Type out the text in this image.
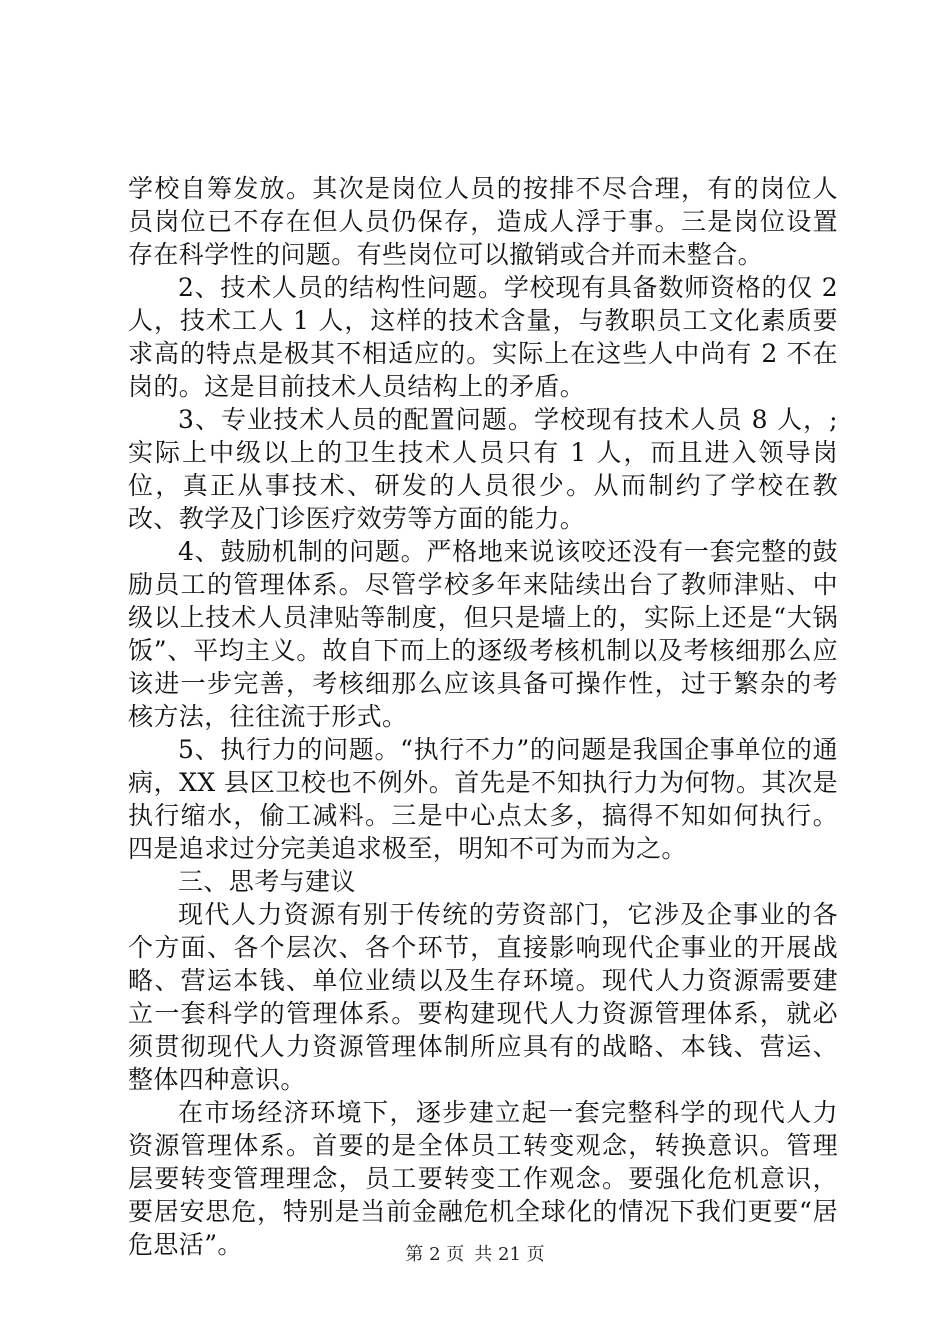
学校自筹发放。其次是岗位人员的按排不尽合理，有的岗位人员岗位已不存在但人员仍保存，造成人浮于事。三是岗位设置存在科学性的问题。有些岗位可以撤销或合并而未整合。

2、技术人员的结构性问题。学校现有具备数师资格的仅 2 人，技术工人 1 人，这样的技术含量，与教职员工文化素质要求高的特点是极其不相适应的。实际上在这些人中尚有 2 不在岗的。这是目前技术人员结构上的矛盾。

3、专业技术人员的配置问题。学校现有技术人员 8 人，;实际上中级以上的卫生技术人员只有 1 人，而且进入领导岗位，真正从事技术、研发的人员很少。从而制约了学校在教改、教学及门诊医疗效劳等方面的能力。

4、鼓励机制的问题。严格地来说该咬还没有一套完整的鼓励员工的管理体系。尽管学校多年来陆续出台了教师津贴、中级以上技术人员津贴等制度，但只是墙上的，实际上还是“大锅饭”、平均主义。故自下而上的逐级考核机制以及考核细那么应该进一步完善，考核细那么应该具备可操作性，过于繁杂的考核方法，往往流于形式。

5、执行力的问题。“执行不力”的问题是我国企事单位的通病，XX 县区卫校也不例外。首先是不知执行力为何物。其次是执行缩水，偷工减料。三是中心点太多，搞得不知如何执行。四是追求过分完美追求极至，明知不可为而为之。

三、思考与建议

现代人力资源有别于传统的劳资部门，它涉及企事业的各个方面、各个层次、各个环节，直接影响现代企事业的开展战略、营运本钱、单位业绩以及生存环境。现代人力资源需要建立一套科学的管理体系。要构建现代人力资源管理体系，就必须贯彻现代人力资源管理体制所应具有的战略、本钱、营运、整体四种意识。

在市场经济环境下，逐步建立起一套完整科学的现代人力资源管理体系。首要的是全体员工转变观念，转换意识。管理层要转变管理理念，员工要转变工作观念。要强化危机意识，要居安思危，特别是当前金融危机全球化的情况下我们更要“居危思活”。	第 2 页 共 21 页
